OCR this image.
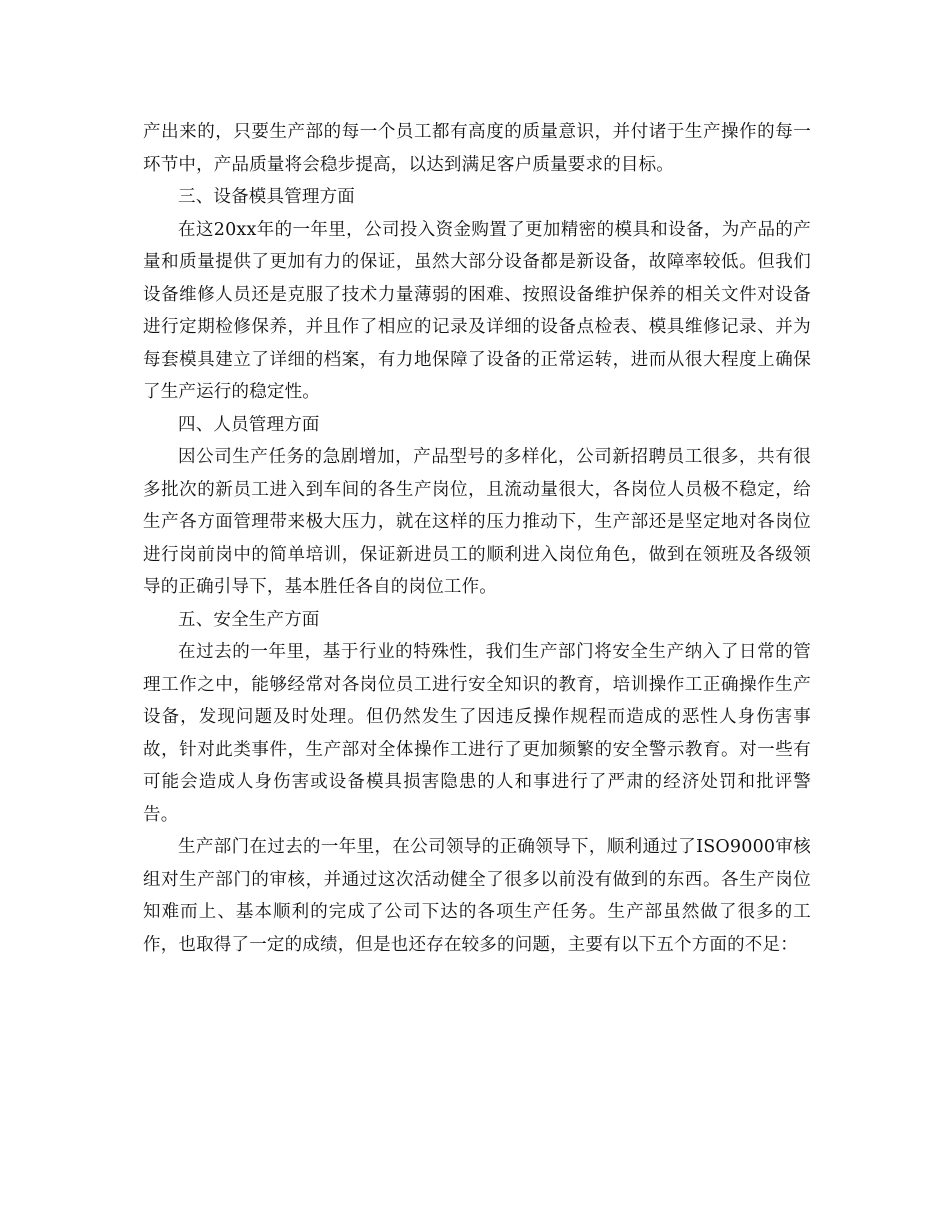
产出来的，只要生产部的每一个员工都有高度的质量意识，并付诸于生产操作的每一环节中，产品质量将会稳步提高，以达到满足客户质量要求的目标。

三、设备模具管理方面

在这20xx年的一年里，公司投入资金购置了更加精密的模具和设备，为产品的产量和质量提供了更加有力的保证，虽然大部分设备都是新设备，故障率较低。但我们设备维修人员还是克服了技术力量薄弱的困难、按照设备维护保养的相关文件对设备进行定期检修保养，并且作了相应的记录及详细的设备点检表、模具维修记录、并为每套模具建立了详细的档案，有力地保障了设备的正常运转，进而从很大程度上确保了生产运行的稳定性。

四、人员管理方面

因公司生产任务的急剧增加，产品型号的多样化，公司新招聘员工很多，共有很多批次的新员工进入到车间的各生产岗位，且流动量很大，各岗位人员极不稳定，给生产各方面管理带来极大压力，就在这样的压力推动下，生产部还是坚定地对各岗位进行岗前岗中的简单培训，保证新进员工的顺利进入岗位角色，做到在领班及各级领导的正确引导下，基本胜任各自的岗位工作。

五、安全生产方面

在过去的一年里，基于行业的特殊性，我们生产部门将安全生产纳入了日常的管理工作之中，能够经常对各岗位员工进行安全知识的教育，培训操作工正确操作生产设备，发现问题及时处理。但仍然发生了因违反操作规程而造成的恶性人身伤害事故，针对此类事件，生产部对全体操作工进行了更加频繁的安全警示教育。对一些有可能会造成人身伤害或设备模具损害隐患的人和事进行了严肃的经济处罚和批评警告。

生产部门在过去的一年里，在公司领导的正确领导下，顺利通过了ISO9000审核组对生产部门的审核，并通过这次活动健全了很多以前没有做到的东西。各生产岗位知难而上、基本顺利的完成了公司下达的各项生产任务。生产部虽然做了很多的工作，也取得了一定的成绩，但是也还存在较多的问题，主要有以下五个方面的不足：
